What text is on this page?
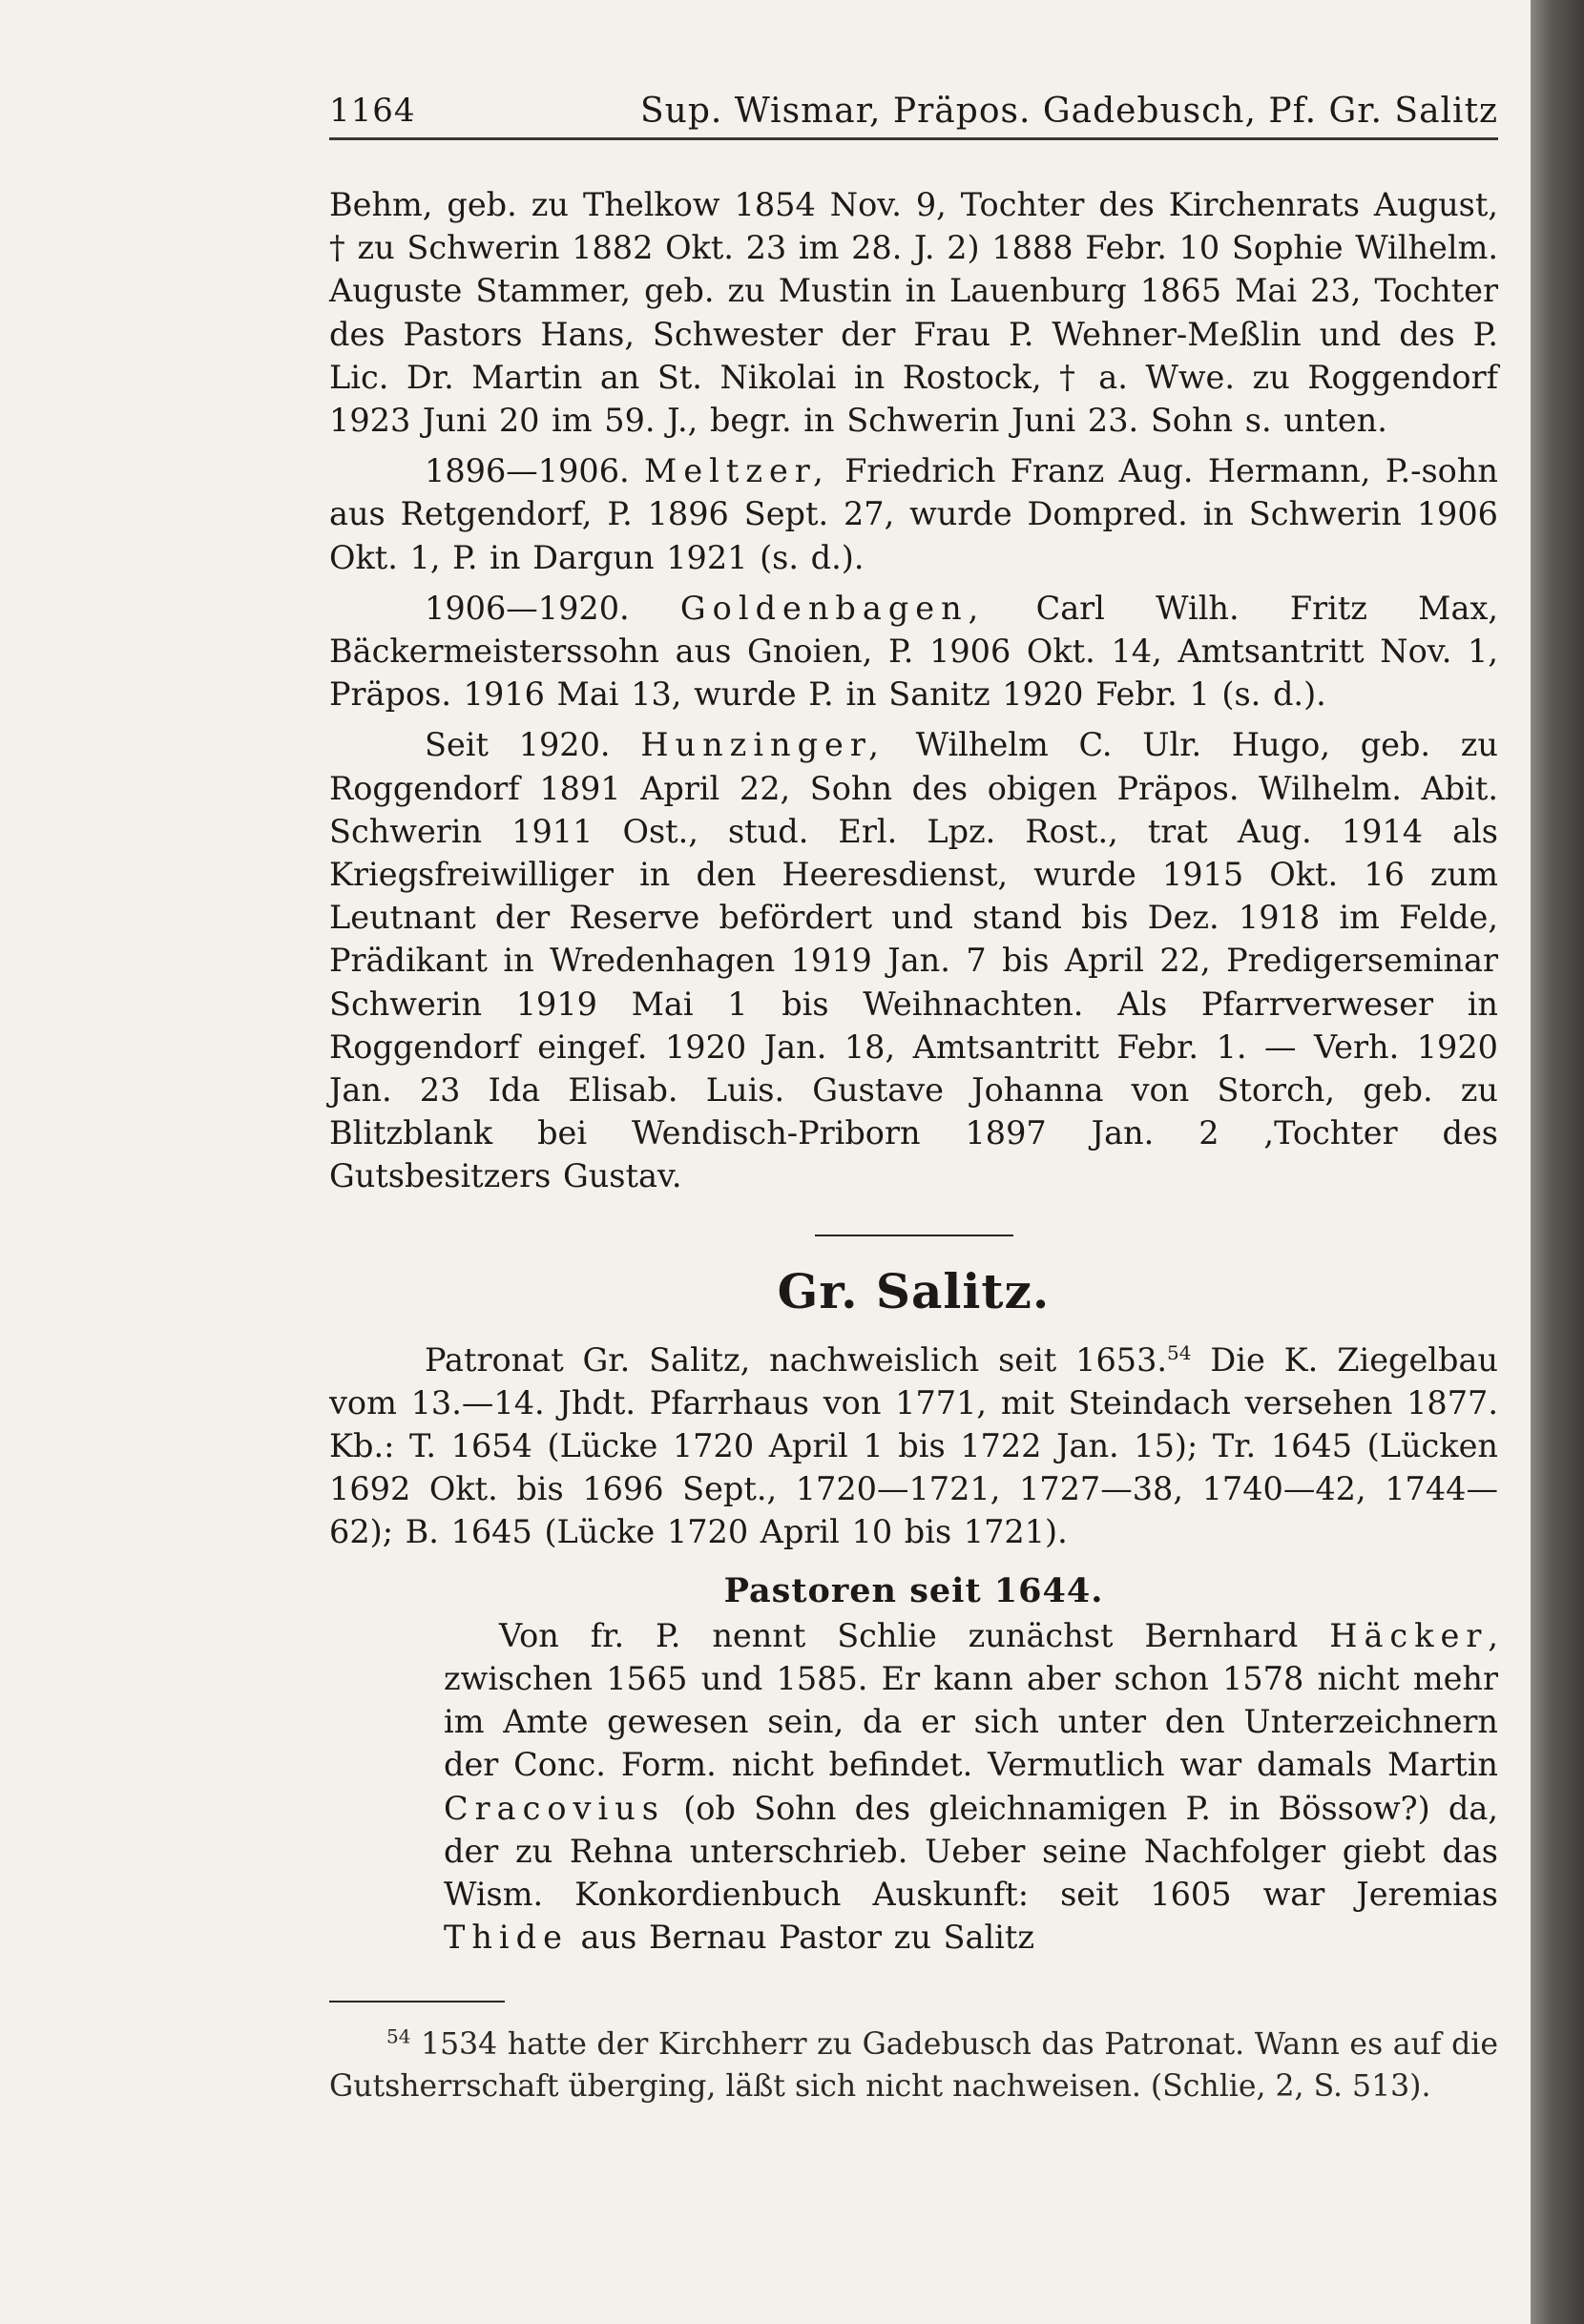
1164	Sup. Wismar, Präpos. Gadebusch, Pf. Gr. Salitz

Behm, geb. zu Thelkow 1854 Nov. 9, Tochter des Kirchenrats August, † zu Schwerin 1882 Okt. 23 im 28. J. 2) 1888 Febr. 10 Sophie Wilhelm. Auguste Stammer, geb. zu Mustin in Lauenburg 1865 Mai 23, Tochter des Pastors Hans, Schwester der Frau P. Wehner-Meßlin und des P. Lic. Dr. Martin an St. Nikolai in Rostock, † a. Wwe. zu Roggendorf 1923 Juni 20 im 59. J., begr. in Schwerin Juni 23. Sohn s. unten.

1896—1906. Meltzer, Friedrich Franz Aug. Hermann, P.-sohn aus Retgendorf, P. 1896 Sept. 27, wurde Dompred. in Schwerin 1906 Okt. 1, P. in Dargun 1921 (s. d.).

1906—1920. Goldenbagen, Carl Wilh. Fritz Max, Bäckermeisterssohn aus Gnoien, P. 1906 Okt. 14, Amtsantritt Nov. 1, Präpos. 1916 Mai 13, wurde P. in Sanitz 1920 Febr. 1 (s. d.).

Seit 1920. Hunzinger, Wilhelm C. Ulr. Hugo, geb. zu Roggendorf 1891 April 22, Sohn des obigen Präpos. Wilhelm. Abit. Schwerin 1911 Ost., stud. Erl. Lpz. Rost., trat Aug. 1914 als Kriegsfreiwilliger in den Heeresdienst, wurde 1915 Okt. 16 zum Leutnant der Reserve befördert und stand bis Dez. 1918 im Felde, Prädikant in Wredenhagen 1919 Jan. 7 bis April 22, Predigerseminar Schwerin 1919 Mai 1 bis Weihnachten. Als Pfarrverweser in Roggendorf eingef. 1920 Jan. 18, Amtsantritt Febr. 1. — Verh. 1920 Jan. 23 Ida Elisab. Luis. Gustave Johanna von Storch, geb. zu Blitzblank bei Wendisch-Priborn 1897 Jan. 2 ,Tochter des Gutsbesitzers Gustav.

Gr. Salitz.

Patronat Gr. Salitz, nachweislich seit 1653.54 Die K. Ziegelbau vom 13.—14. Jhdt. Pfarrhaus von 1771, mit Steindach versehen 1877. Kb.: T. 1654 (Lücke 1720 April 1 bis 1722 Jan. 15); Tr. 1645 (Lücken 1692 Okt. bis 1696 Sept., 1720—1721, 1727—38, 1740—42, 1744—62); B. 1645 (Lücke 1720 April 10 bis 1721).

Pastoren seit 1644.

Von fr. P. nennt Schlie zunächst Bernhard Häcker, zwischen 1565 und 1585. Er kann aber schon 1578 nicht mehr im Amte gewesen sein, da er sich unter den Unterzeichnern der Conc. Form. nicht befindet. Vermutlich war damals Martin Cracovius (ob Sohn des gleichnamigen P. in Bössow?) da, der zu Rehna unterschrieb. Ueber seine Nachfolger giebt das Wism. Konkordienbuch Auskunft: seit 1605 war Jeremias Thide aus Bernau Pastor zu Salitz

$^{54}$ 1534 hatte der Kirchherr zu Gadebusch das Patronat. Wann es auf die Gutsherrschaft überging, läßt sich nicht nachweisen. (Schlie, 2, S. 513).
